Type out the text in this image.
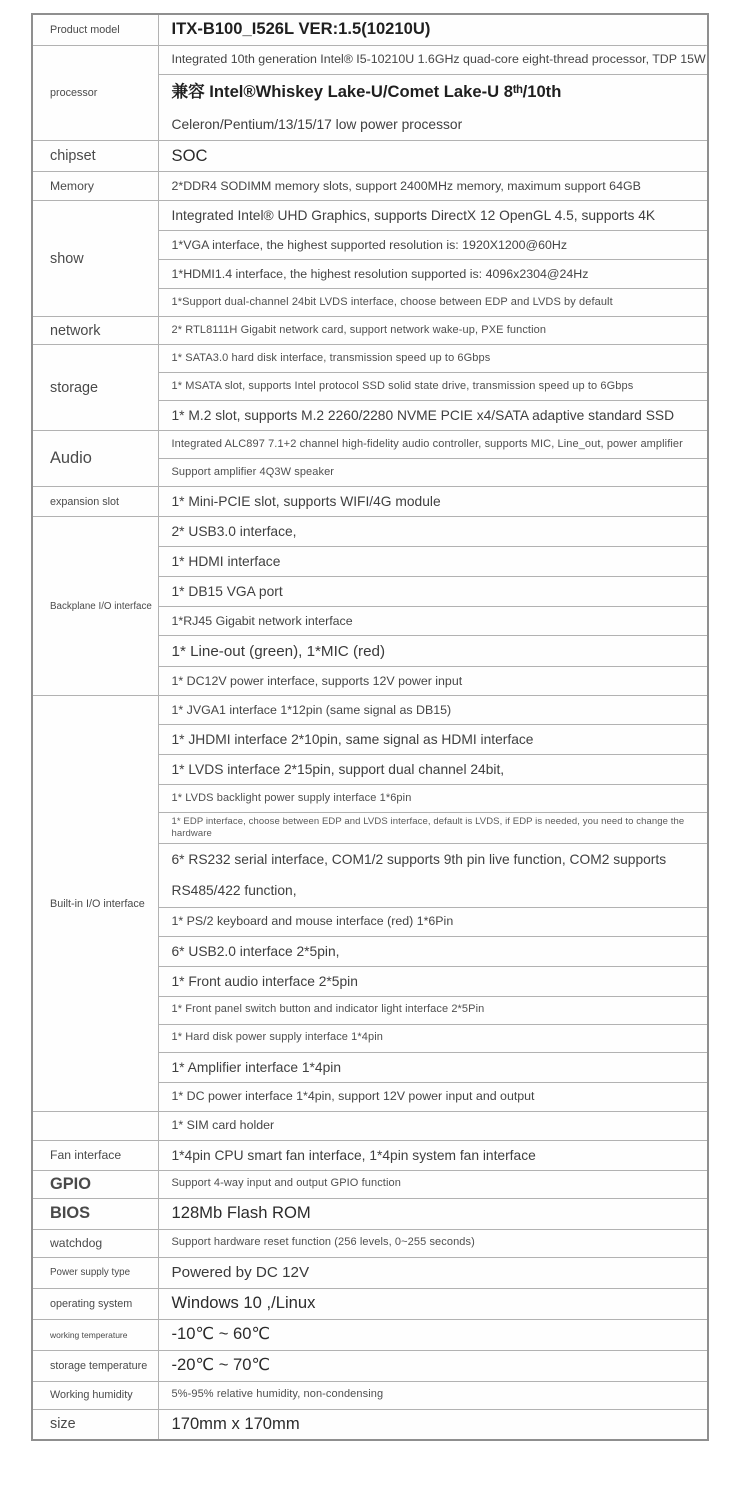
Product model	ITX-B100_I526L VER:1.5(10210U)

processor	Integrated 10th generation Intel® I5-10210U 1.6GHz quad-core eight-thread processor, TDP 15W

	兼容 Intel®Whiskey Lake-U/Comet Lake-U 8ᵗʰ/10th
Celeron/Pentium/13/15/17 low power processor

chipset	SOC

Memory	2*DDR4 SODIMM memory slots, support 2400MHz memory, maximum support 64GB

show	Integrated Intel® UHD Graphics, supports DirectX 12 OpenGL 4.5, supports 4K

	1*VGA interface, the highest supported resolution is: 1920X1200@60Hz

	1*HDMI1.4 interface, the highest resolution supported is: 4096x2304@24Hz

	1*Support dual-channel 24bit LVDS interface, choose between EDP and LVDS by default

network	2* RTL8111H Gigabit network card, support network wake-up, PXE function

storage	1* SATA3.0 hard disk interface, transmission speed up to 6Gbps

	1* MSATA slot, supports Intel protocol SSD solid state drive, transmission speed up to 6Gbps

	1* M.2 slot, supports M.2 2260/2280 NVME PCIE x4/SATA adaptive standard SSD

Audio	Integrated ALC897 7.1+2 channel high-fidelity audio controller, supports MIC, Line_out, power amplifier

	Support amplifier 4Q3W speaker

expansion slot	1* Mini-PCIE slot, supports WIFI/4G module

Backplane I/O interface	2* USB3.0 interface,

	1* HDMI interface

	1* DB15 VGA port

	1*RJ45 Gigabit network interface

	1* Line-out (green), 1*MIC (red)

	1* DC12V power interface, supports 12V power input

Built-in I/O interface	1* JVGA1 interface 1*12pin (same signal as DB15)

	1* JHDMI interface 2*10pin, same signal as HDMI interface

	1* LVDS interface 2*15pin, support dual channel 24bit,

	1* LVDS backlight power supply interface 1*6pin

	1* EDP interface, choose between EDP and LVDS interface, default is LVDS, if EDP is needed, you need to change the hardware

	6* RS232 serial interface, COM1/2 supports 9th pin live function, COM2 supports
RS485/422 function,

	1* PS/2 keyboard and mouse interface (red) 1*6Pin

	6* USB2.0 interface 2*5pin,

	1* Front audio interface 2*5pin

	1* Front panel switch button and indicator light interface 2*5Pin

	1* Hard disk power supply interface 1*4pin

	1* Amplifier interface 1*4pin

	1* DC power interface 1*4pin, support 12V power input and output

	1* SIM card holder

Fan interface	1*4pin CPU smart fan interface, 1*4pin system fan interface

GPIO	Support 4-way input and output GPIO function

BIOS	128Mb Flash ROM

watchdog	Support hardware reset function (256 levels, 0~255 seconds)

Power supply type	Powered by DC 12V

operating system	Windows 10 ,/Linux

working temperature	-10℃ ~ 60℃

storage temperature	-20℃ ~ 70℃

Working humidity	5%-95% relative humidity, non-condensing

size	170mm x 170mm
